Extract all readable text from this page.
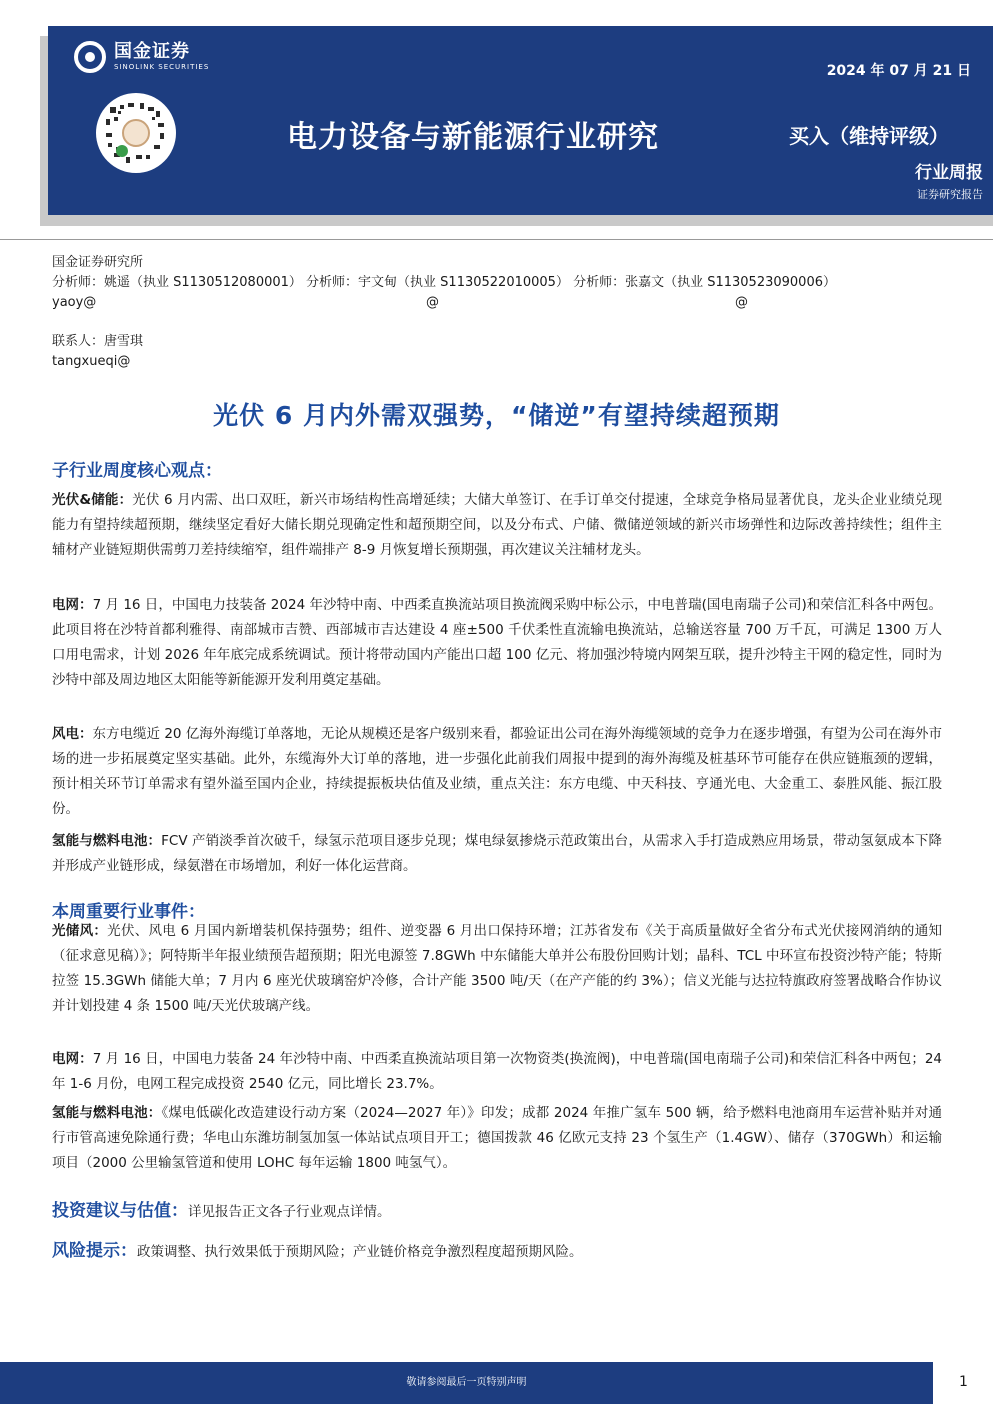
国金证券
SINOLINK SECURITIES	2024 年 07 月 21 日
电力设备与新能源行业研究	买入（维持评级）
行业周报
证券研究报告
国金证券研究所
分析师：姚遥（执业 S1130512080001） 分析师：宇文甸（执业 S1130522010005） 分析师：张嘉文（执业 S1130523090006）
yaoy@	@	@
联系人：唐雪琪
tangxueqi@
光伏 6 月内外需双强势，“储逆”有望持续超预期
子行业周度核心观点：
光伏&储能：光伏 6 月内需、出口双旺，新兴市场结构性高增延续；大储大单签订、在手订单交付提速，全球竞争格局显著优良，龙头企业业绩兑现能力有望持续超预期，继续坚定看好大储长期兑现确定性和超预期空间，以及分布式、户储、微储逆领域的新兴市场弹性和边际改善持续性；组件主辅材产业链短期供需剪刀差持续缩窄，组件端排产 8-9 月恢复增长预期强，再次建议关注辅材龙头。
电网：7 月 16 日，中国电力技装备 2024 年沙特中南、中西柔直换流站项目换流阀采购中标公示，中电普瑞(国电南瑞子公司)和荣信汇科各中两包。此项目将在沙特首都利雅得、南部城市吉赞、西部城市吉达建设 4 座±500 千伏柔性直流输电换流站，总输送容量 700 万千瓦，可满足 1300 万人口用电需求，计划 2026 年年底完成系统调试。预计将带动国内产能出口超 100 亿元、将加强沙特境内网架互联，提升沙特主干网的稳定性，同时为沙特中部及周边地区太阳能等新能源开发利用奠定基础。
风电：东方电缆近 20 亿海外海缆订单落地，无论从规模还是客户级别来看，都验证出公司在海外海缆领域的竞争力在逐步增强，有望为公司在海外市场的进一步拓展奠定坚实基础。此外，东缆海外大订单的落地，进一步强化此前我们周报中提到的海外海缆及桩基环节可能存在供应链瓶颈的逻辑，预计相关环节订单需求有望外溢至国内企业，持续提振板块估值及业绩，重点关注：东方电缆、中天科技、亨通光电、大金重工、泰胜风能、振江股份。
氢能与燃料电池：FCV 产销淡季首次破千，绿氢示范项目逐步兑现；煤电绿氨掺烧示范政策出台，从需求入手打造成熟应用场景，带动氢氨成本下降并形成产业链形成，绿氨潜在市场增加，利好一体化运营商。
本周重要行业事件：
光储风：光伏、风电 6 月国内新增装机保持强势；组件、逆变器 6 月出口保持环增；江苏省发布《关于高质量做好全省分布式光伏接网消纳的通知（征求意见稿）》；阿特斯半年报业绩预告超预期；阳光电源签 7.8GWh 中东储能大单并公布股份回购计划；晶科、TCL 中环宣布投资沙特产能；特斯拉签 15.3GWh 储能大单；7 月内 6 座光伏玻璃窑炉冷修，合计产能 3500 吨/天（在产产能的约 3%）；信义光能与达拉特旗政府签署战略合作协议并计划投建 4 条 1500 吨/天光伏玻璃产线。
电网：7 月 16 日，中国电力装备 24 年沙特中南、中西柔直换流站项目第一次物资类(换流阀)，中电普瑞(国电南瑞子公司)和荣信汇科各中两包；24 年 1-6 月份，电网工程完成投资 2540 亿元，同比增长 23.7%。
氢能与燃料电池：《煤电低碳化改造建设行动方案（2024—2027 年）》印发；成都 2024 年推广氢车 500 辆，给予燃料电池商用车运营补贴并对通行市管高速免除通行费；华电山东潍坊制氢加氢一体站试点项目开工；德国拨款 46 亿欧元支持 23 个氢生产（1.4GW）、储存（370GWh）和运输项目（2000 公里输氢管道和使用 LOHC 每年运输 1800 吨氢气）。
投资建议与估值：详见报告正文各子行业观点详情。
风险提示：政策调整、执行效果低于预期风险；产业链价格竞争激烈程度超预期风险。
敬请参阅最后一页特别声明	1
